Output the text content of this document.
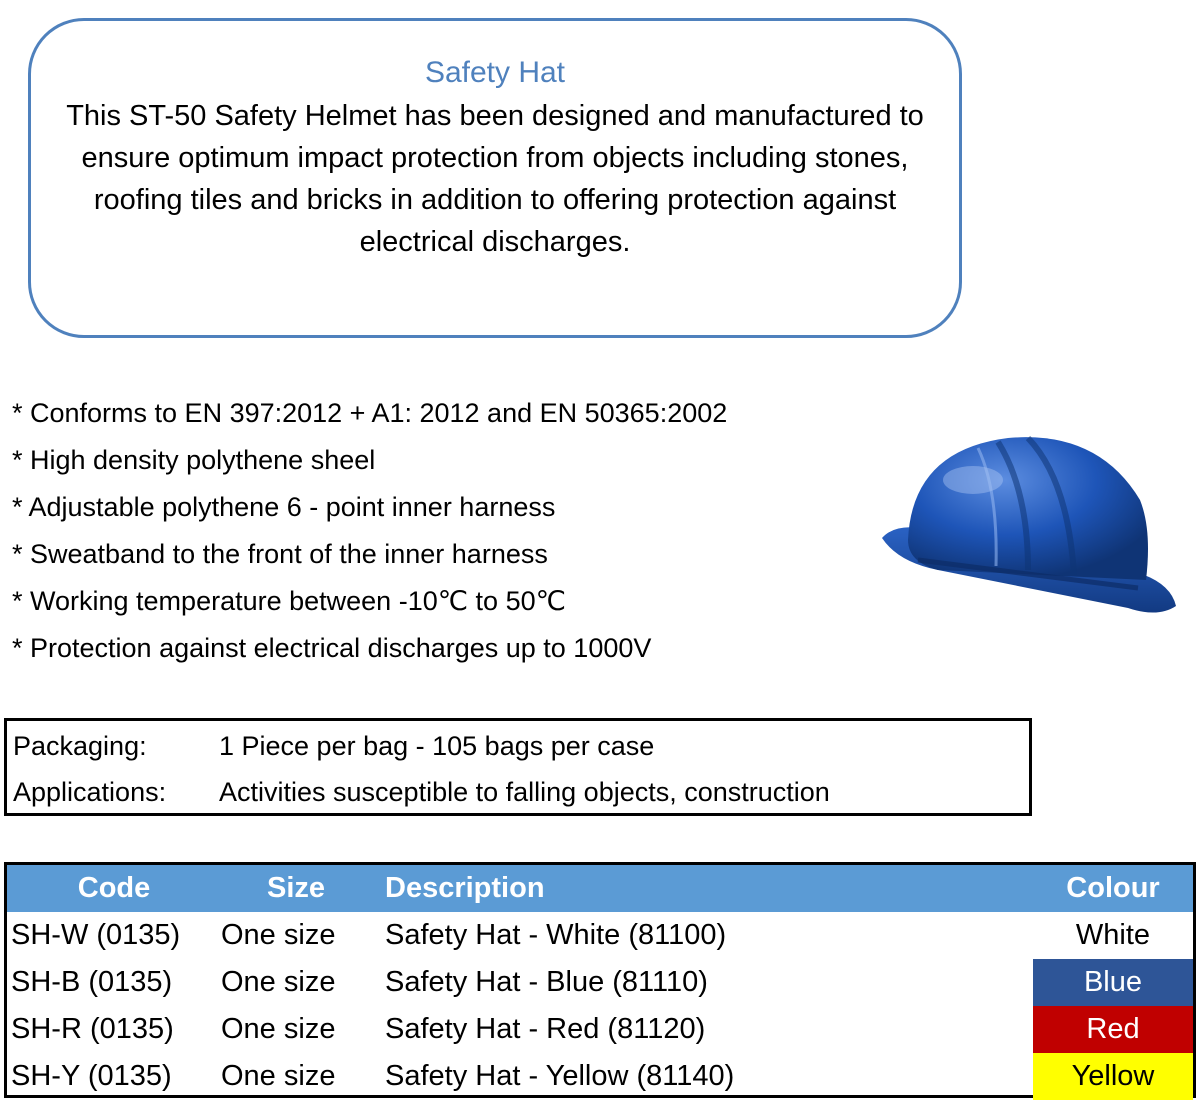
Safety Hat
This ST-50 Safety Helmet has been designed and manufactured to ensure optimum impact protection from objects including stones, roofing tiles and bricks in addition to offering protection against electrical discharges.
* Conforms to EN 397:2012 + A1: 2012 and EN 50365:2002
* High density polythene sheel
* Adjustable polythene 6 - point inner harness
* Sweatband to the front of the inner harness
* Working temperature between -10℃ to 50℃
* Protection against electrical discharges up to 1000V
Packaging:	1 Piece per bag - 105 bags per case
Applications: Activities susceptible to falling objects, construction
Code	Size	Description	Colour
SH-W (0135)	One size	Safety Hat - White (81100)	White
SH-B (0135)	One size	Safety Hat - Blue (81110)	Blue
SH-R (0135)	One size	Safety Hat - Red (81120)	Red
SH-Y (0135)	One size	Safety Hat - Yellow (81140)	Yellow
